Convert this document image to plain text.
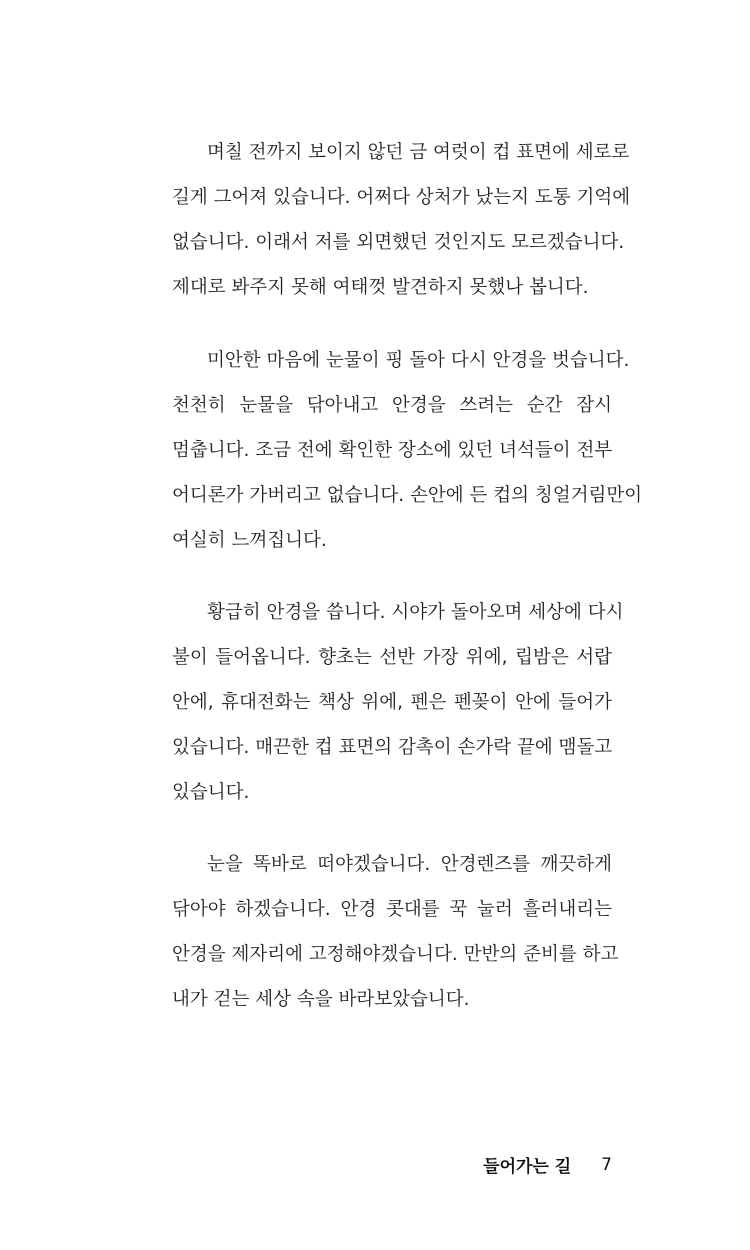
며칠 전까지 보이지 않던 금 여럿이 컵 표면에 세로로
길게 그어져 있습니다. 어쩌다 상처가 났는지 도통 기억에
없습니다. 이래서 저를 외면했던 것인지도 모르겠습니다.
제대로 봐주지 못해 여태껏 발견하지 못했나 봅니다.
미안한 마음에 눈물이 핑 돌아 다시 안경을 벗습니다.
천천히 눈물을 닦아내고 안경을 쓰려는 순간 잠시
멈춥니다. 조금 전에 확인한 장소에 있던 녀석들이 전부
어디론가 가버리고 없습니다. 손안에 든 컵의 칭얼거림만이
여실히 느껴집니다.
황급히 안경을 씁니다. 시야가 돌아오며 세상에 다시
불이 들어옵니다. 향초는 선반 가장 위에, 립밤은 서랍
안에, 휴대전화는 책상 위에, 펜은 펜꽂이 안에 들어가
있습니다. 매끈한 컵 표면의 감촉이 손가락 끝에 맴돌고
있습니다.
눈을 똑바로 떠야겠습니다. 안경렌즈를 깨끗하게
닦아야 하겠습니다. 안경 콧대를 꾹 눌러 흘러내리는
안경을 제자리에 고정해야겠습니다. 만반의 준비를 하고
내가 걷는 세상 속을 바라보았습니다.
들어가는 길 7
